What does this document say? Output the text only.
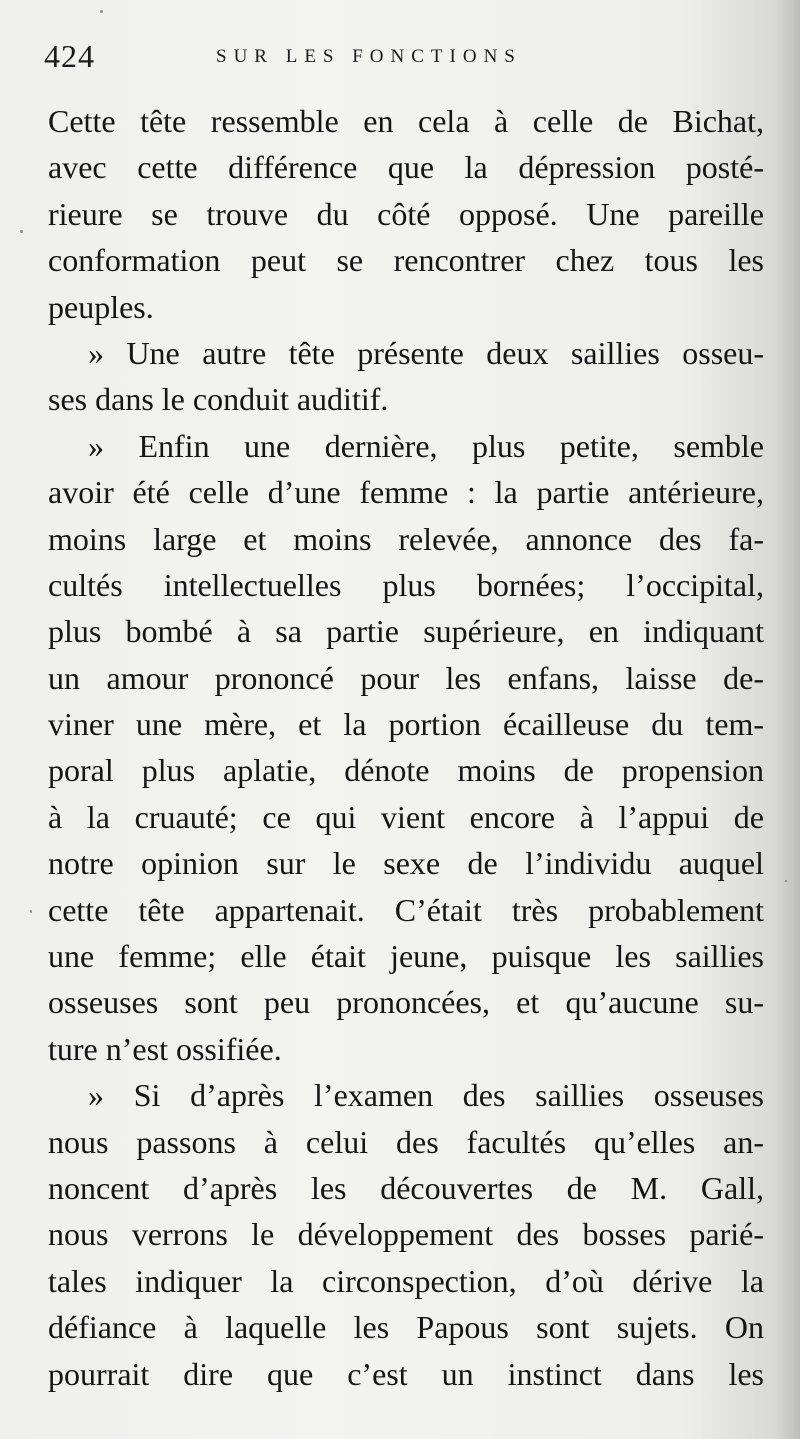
424	SUR LES FONCTIONS
Cette tête ressemble en cela à celle de Bichat,
avec cette différence que la dépression posté-
rieure se trouve du côté opposé. Une pareille
conformation peut se rencontrer chez tous les
peuples.
» Une autre tête présente deux saillies osseu-
ses dans le conduit auditif.
» Enfin une dernière, plus petite, semble
avoir été celle d’une femme : la partie antérieure,
moins large et moins relevée, annonce des fa-
cultés intellectuelles plus bornées; l’occipital,
plus bombé à sa partie supérieure, en indiquant
un amour prononcé pour les enfans, laisse de-
viner une mère, et la portion écailleuse du tem-
poral plus aplatie, dénote moins de propension
à la cruauté; ce qui vient encore à l’appui de
notre opinion sur le sexe de l’individu auquel
cette tête appartenait. C’était très probablement
une femme; elle était jeune, puisque les saillies
osseuses sont peu prononcées, et qu’aucune su-
ture n’est ossifiée.
» Si d’après l’examen des saillies osseuses
nous passons à celui des facultés qu’elles an-
noncent d’après les découvertes de M. Gall,
nous verrons le développement des bosses parié-
tales indiquer la circonspection, d’où dérive la
défiance à laquelle les Papous sont sujets. On
pourrait dire que c’est un instinct dans les
